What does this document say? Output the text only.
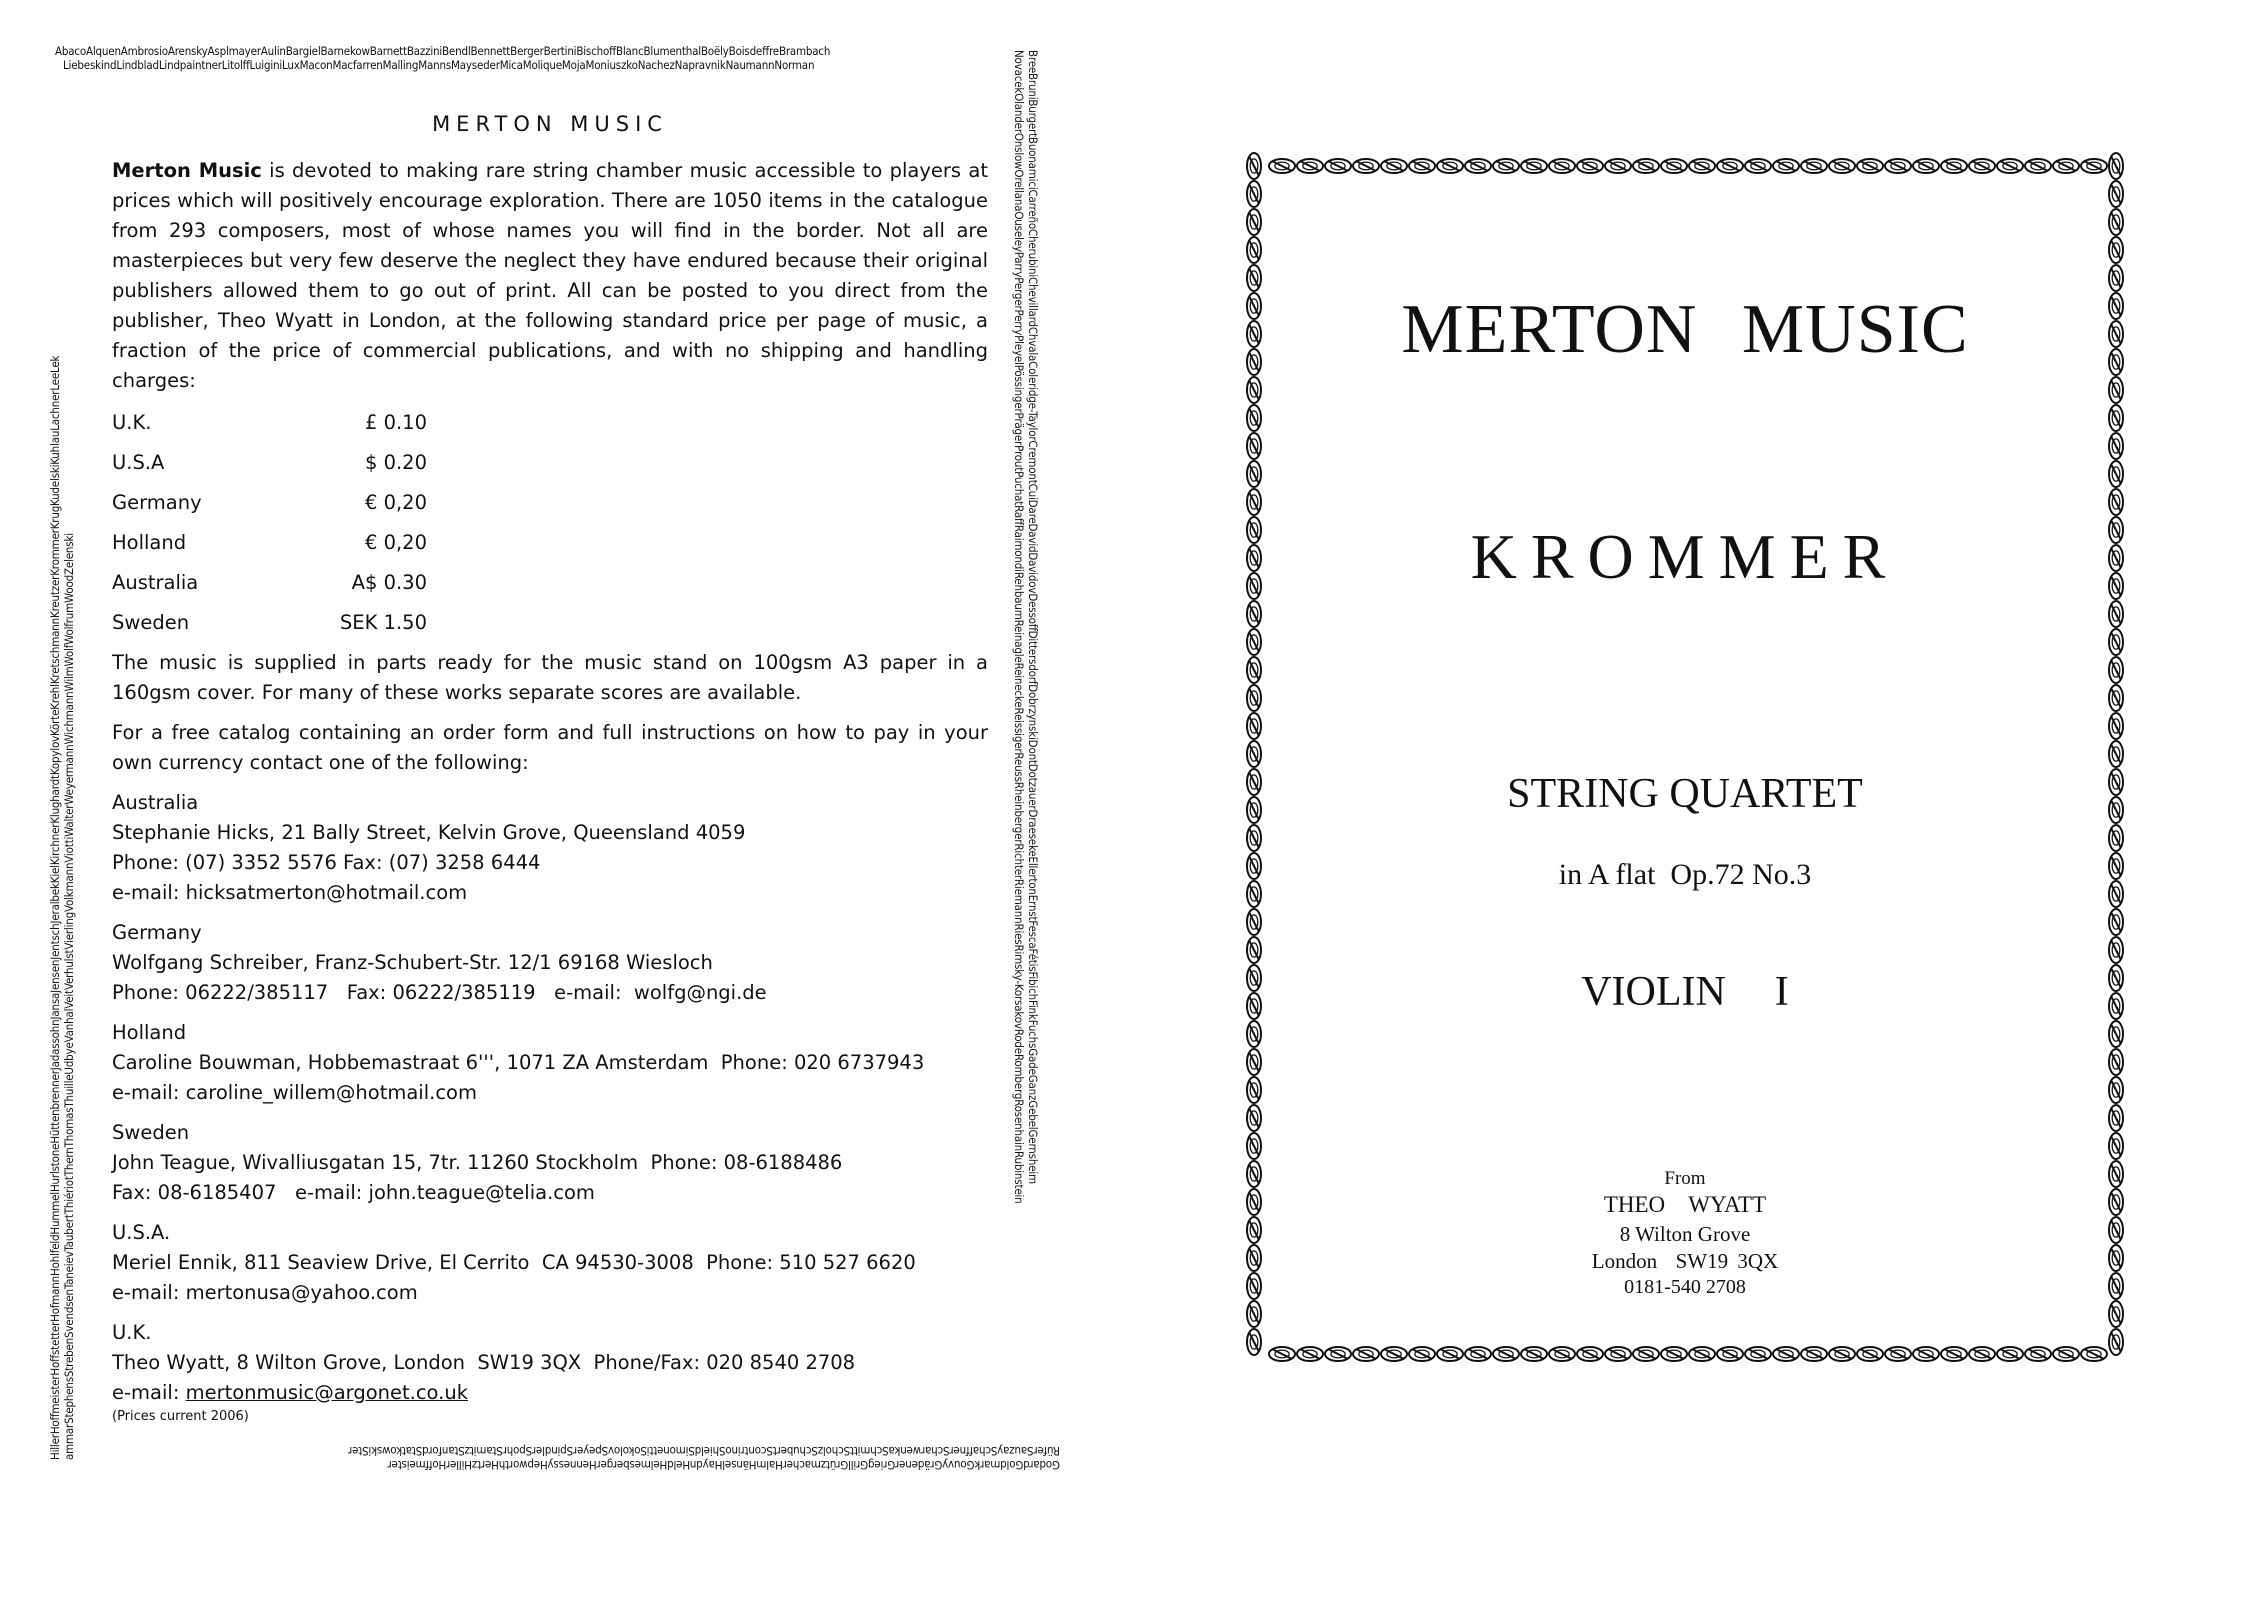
AbacoAlquenAmbrosioArenskyAsplmayerAulinBargielBarnekowBarnettBazziniBendlBennettBergerBertiniBischoffBlancBlumenthalBoëlyBoisdeffreBrambach
LiebeskindLindbladLindpaintnerLitolffLuiginiLuxMaconMacfarrenMallingMannsMaysederMicaMoliqueMojaMoniuszkoNachezNapravnikNaumannNorman
HillerHoffmeisterHoffstetterHofmannHohlfeldHummelHurlstoneHüttenbrennerJadassohnJansaJensenJentschJeralbekKielKirchnerKlughardtKopylovKörteKrehlKretschmannKreutzerKrommerKrugKudelskiKuhlauLachnerLeeLek ammarStephensStrebenSvendsenTaneievTaubertThiériotThernThomasThuilleUdbyeVanhalVeitVerhulstVierlingVolkmannViottiWalterWeyermannWichmannWilmWolfWolfrumWoodZelenski	BreeBruniBurgertBuonamiciCarreñoCherubiniChevillardChvalaColeridge-TaylorCremontCuiDareDavidDavidovDessoffDittersdorfDobrzynskiDontDotzauerDraesekeEllertonErnstFescaFétisFibichFinkFuchsGadeGanzGebelGernsheim
NovacekOlanderOnslowOrellanaOuseleyParryPergerPerryPleyelPössingerPrägerProutPuchatRaffRaimondiRehbaumReinagleReineckeReissigerReussRheinbergerRichterRiemannRiesRimsky-KorsakovRodeRombergRosenhainRubinstein
GodardGoldmarkGouvyGrädenerGriegGrillGrützmacherHalmHänselHaydnHeldHelmesbergerHennessyHepworthHertzHillerHoffmeister
RüferSauzaySchaffnerScharwenkaSchmittScholzSchubertScontrinoShieldSimonettiSokolovSpeyerSpindlerSpohrStamitzStanfordStatkowskiSter
MERTON MUSIC

Merton Music is devoted to making rare string chamber music accessible to players at prices which will positively encourage exploration. There are 1050 items in the catalogue from 293 composers, most of whose names you will find in the border. Not all are masterpieces but very few deserve the neglect they have endured because their original publishers allowed them to go out of print. All can be posted to you direct from the publisher, Theo Wyatt in London, at the following standard price per page of music, a fraction of the price of commercial publications, and with no shipping and handling charges:

U.K.	£ 0.10
U.S.A	$ 0.20
Germany	€ 0,20
Holland	€ 0,20
Australia	A$ 0.30
Sweden	SEK 1.50

The music is supplied in parts ready for the music stand on 100gsm A3 paper in a 160gsm cover. For many of these works separate scores are available.

For a free catalog containing an order form and full instructions on how to pay in your own currency contact one of the following:

Australia
Stephanie Hicks, 21 Bally Street, Kelvin Grove, Queensland 4059
Phone: (07) 3352 5576 Fax: (07) 3258 6444
e-mail: hicksatmerton@hotmail.com
Germany
Wolfgang Schreiber, Franz-Schubert-Str. 12/1 69168 Wiesloch
Phone: 06222/385117   Fax: 06222/385119   e-mail:  wolfg@ngi.de
Holland
Caroline Bouwman, Hobbemastraat 6''', 1071 ZA Amsterdam  Phone: 020 6737943
e-mail: caroline_willem@hotmail.com
Sweden
John Teague, Wivalliusgatan 15, 7tr. 11260 Stockholm  Phone: 08-6188486
Fax: 08-6185407   e-mail: john.teague@telia.com
U.S.A.
Meriel Ennik, 811 Seaview Drive, El Cerrito  CA 94530-3008  Phone: 510 527 6620
e-mail: mertonusa@yahoo.com
U.K.
Theo Wyatt, 8 Wilton Grove, London  SW19 3QX  Phone/Fax: 020 8540 2708
e-mail: mertonmusic@argonet.co.uk
(Prices current 2006)
MERTON MUSIC
KROMMER
STRING QUARTET
in A flat  Op.72 No.3
VIOLIN  I
From
THEO  WYATT
8 Wilton Grove
London  SW19 3QX
0181-540 2708
